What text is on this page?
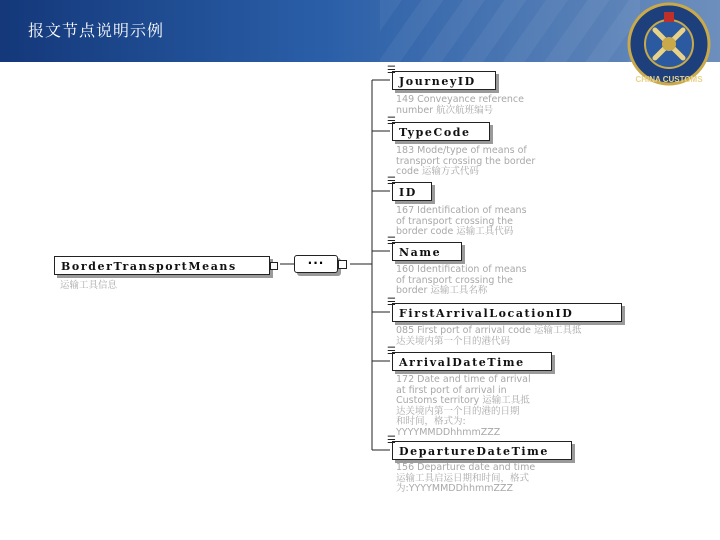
报文节点说明示例
CHINA CUSTOMS
BorderTransportMeans
运输工具信息
···
☰
JourneyID
149 Conveyance reference
number 航次航班编号
☰
TypeCode
183 Mode/type of means of
transport crossing the border
code 运输方式代码
☰
ID
167 Identification of means
of transport crossing the
border code 运输工具代码
☰
Name
160 Identification of means
of transport crossing the
border 运输工具名称
☰
FirstArrivalLocationID
085 First port of arrival code 运输工具抵
达关境内第一个目的港代码
☰
ArrivalDateTime
172 Date and time of arrival
at first port of arrival in
Customs territory 运输工具抵
达关境内第一个目的港的日期
和时间，格式为:
YYYYMMDDhhmmZZZ
☰
DepartureDateTime
156 Departure date and time
运输工具启运日期和时间，格式
为:YYYYMMDDhhmmZZZ
